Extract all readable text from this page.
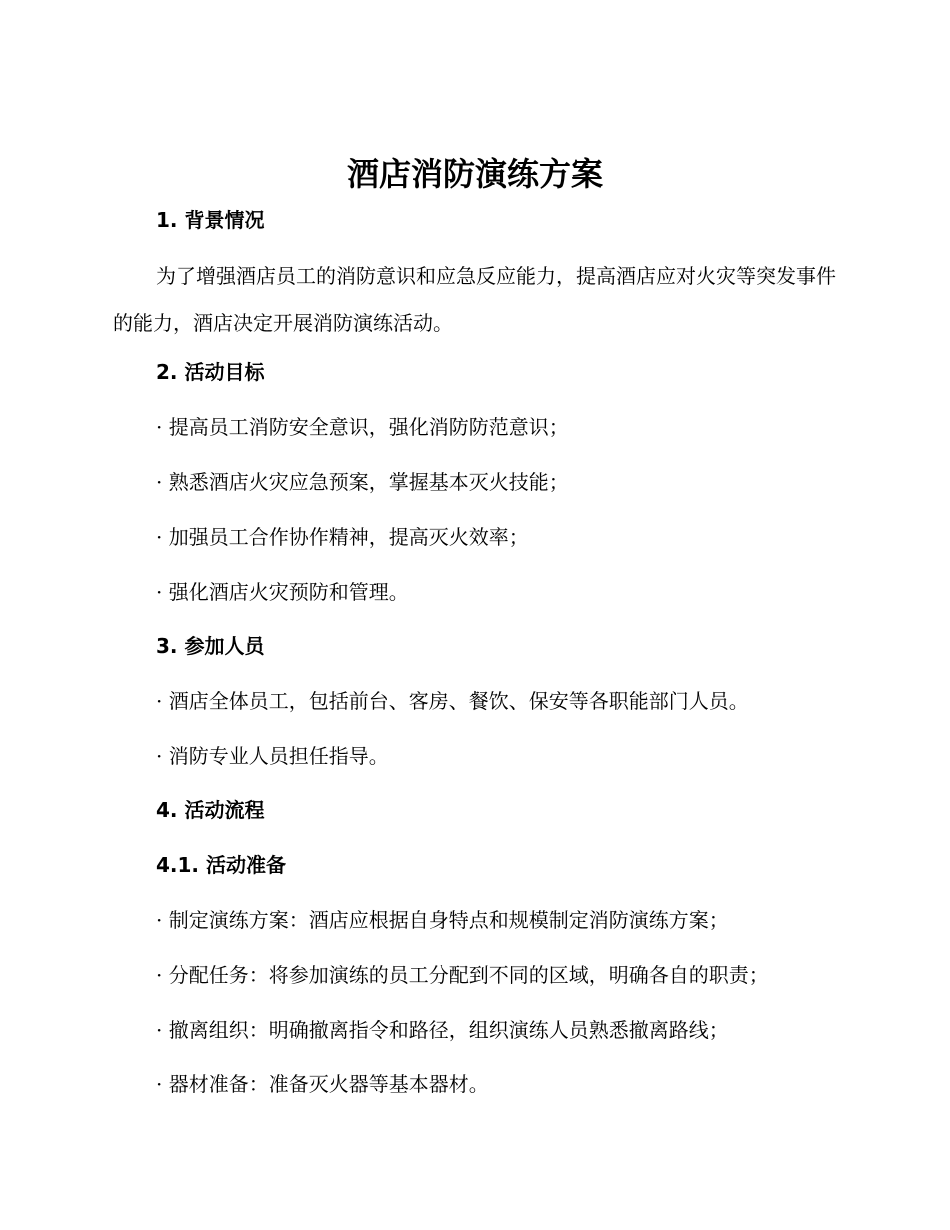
酒店消防演练方案
1. 背景情况
为了增强酒店员工的消防意识和应急反应能力，提高酒店应对火灾等突发事件的能力，酒店决定开展消防演练活动。
2. 活动目标
· 提高员工消防安全意识，强化消防防范意识；
· 熟悉酒店火灾应急预案，掌握基本灭火技能；
· 加强员工合作协作精神，提高灭火效率；
· 强化酒店火灾预防和管理。
3. 参加人员
· 酒店全体员工，包括前台、客房、餐饮、保安等各职能部门人员。
· 消防专业人员担任指导。
4. 活动流程
4.1. 活动准备
· 制定演练方案：酒店应根据自身特点和规模制定消防演练方案；
· 分配任务：将参加演练的员工分配到不同的区域，明确各自的职责；
· 撤离组织：明确撤离指令和路径，组织演练人员熟悉撤离路线；
· 器材准备：准备灭火器等基本器材。
